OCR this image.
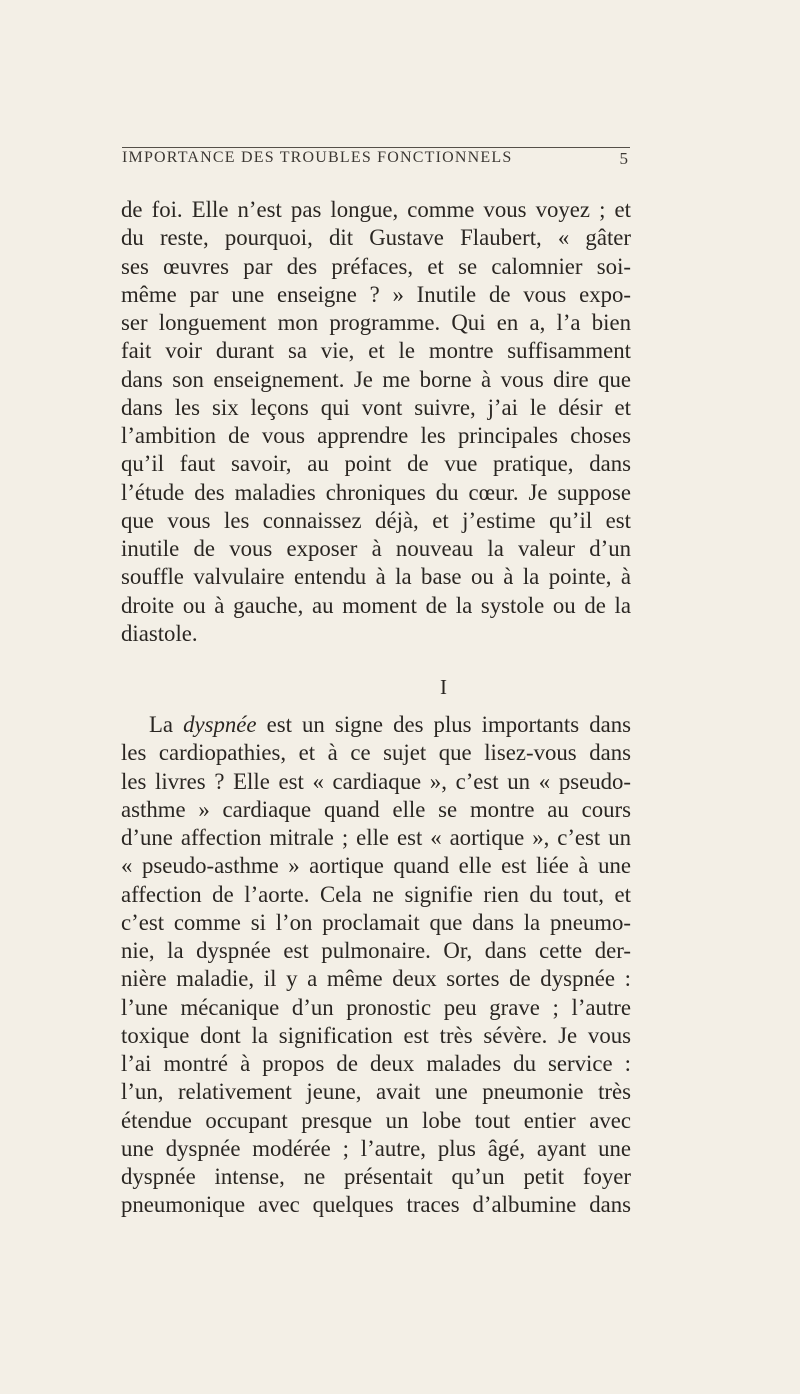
IMPORTANCE DES TROUBLES FONCTIONNELS	5
de foi. Elle n’est pas longue, comme vous voyez ; et
du reste, pourquoi, dit Gustave Flaubert, « gâter
ses œuvres par des préfaces, et se calomnier soi-
même par une enseigne ? » Inutile de vous expo-
ser longuement mon programme. Qui en a, l’a bien
fait voir durant sa vie, et le montre suffisamment
dans son enseignement. Je me borne à vous dire que
dans les six leçons qui vont suivre, j’ai le désir et
l’ambition de vous apprendre les principales choses
qu’il faut savoir, au point de vue pratique, dans
l’étude des maladies chroniques du cœur. Je suppose
que vous les connaissez déjà, et j’estime qu’il est
inutile de vous exposer à nouveau la valeur d’un
souffle valvulaire entendu à la base ou à la pointe, à
droite ou à gauche, au moment de la systole ou de la
diastole.
I
La dyspnée est un signe des plus importants dans
les cardiopathies, et à ce sujet que lisez-vous dans
les livres ? Elle est « cardiaque », c’est un « pseudo-
asthme » cardiaque quand elle se montre au cours
d’une affection mitrale ; elle est « aortique », c’est un
« pseudo-asthme » aortique quand elle est liée à une
affection de l’aorte. Cela ne signifie rien du tout, et
c’est comme si l’on proclamait que dans la pneumo-
nie, la dyspnée est pulmonaire. Or, dans cette der-
nière maladie, il y a même deux sortes de dyspnée :
l’une mécanique d’un pronostic peu grave ; l’autre
toxique dont la signification est très sévère. Je vous
l’ai montré à propos de deux malades du service :
l’un, relativement jeune, avait une pneumonie très
étendue occupant presque un lobe tout entier avec
une dyspnée modérée ; l’autre, plus âgé, ayant une
dyspnée intense, ne présentait qu’un petit foyer
pneumonique avec quelques traces d’albumine dans
